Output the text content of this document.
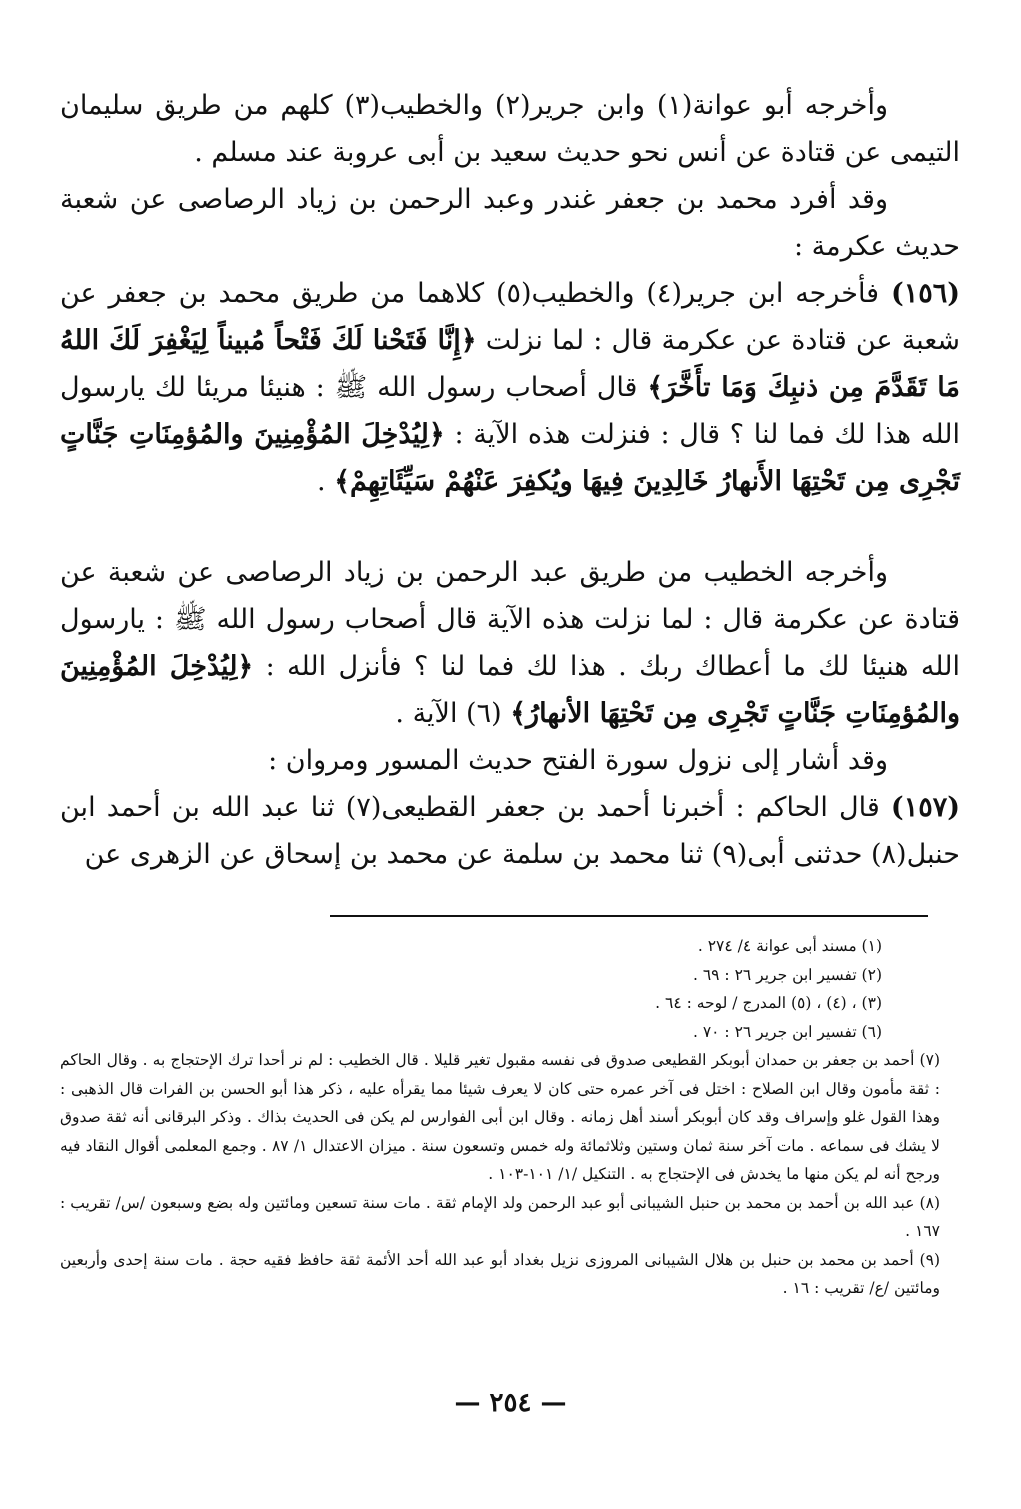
وأخرجه أبو عوانة(١) وابن جرير(٢) والخطيب(٣) كلهم من طريق سليمان التيمى عن قتادة عن أنس نحو حديث سعيد بن أبى عروبة عند مسلم .

وقد أفرد محمد بن جعفر غندر وعبد الرحمن بن زياد الرصاصى عن شعبة حديث عكرمة :

(١٥٦) فأخرجه ابن جرير(٤) والخطيب(٥) كلاهما من طريق محمد بن جعفر عن شعبة عن قتادة عن عكرمة قال : لما نزلت ﴿إِنَّا فَتَحْنا لَكَ فَتْحاً مُبيناً لِيَغْفِرَ لَكَ اللهُ مَا تَقَدَّمَ مِن ذنبِكَ وَمَا تأَخَّرَ﴾ قال أصحاب رسول الله ﷺ : هنيئا مريئا لك يارسول الله هذا لك فما لنا ؟ قال : فنزلت هذه الآية : ﴿لِيُدْخِلَ المُؤْمِنِينَ والمُؤمِنَاتِ جَنَّاتٍ تَجْرِى مِن تَحْتِهَا الأَنهارُ خَالِدِينَ فِيهَا ويُكفِرَ عَنْهُمْ سَيِّئَاتِهِمْ﴾ .

وأخرجه الخطيب من طريق عبد الرحمن بن زياد الرصاصى عن شعبة عن قتادة عن عكرمة قال : لما نزلت هذه الآية قال أصحاب رسول الله ﷺ : يارسول الله هنيئا لك ما أعطاك ربك . هذا لك فما لنا ؟ فأنزل الله : ﴿لِيُدْخِلَ المُؤْمِنِينَ والمُؤمِنَاتِ جَنَّاتٍ تَجْرِى مِن تَحْتِهَا الأنهارُ﴾ (٦) الآية .

وقد أشار إلى نزول سورة الفتح حديث المسور ومروان :

(١٥٧) قال الحاكم : أخبرنا أحمد بن جعفر القطيعى(٧) ثنا عبد الله بن أحمد ابن حنبل(٨) حدثنى أبى(٩) ثنا محمد بن سلمة عن محمد بن إسحاق عن الزهرى عن

(١) مسند أبى عوانة ٤/ ٢٧٤ .

(٢) تفسير ابن جرير ٢٦ : ٦٩ .

(٣) ، (٤) ، (٥) المدرج / لوحه : ٦٤ .

(٦) تفسير ابن جرير ٢٦ : ٧٠ .

(٧) أحمد بن جعفر بن حمدان أبوبكر القطيعى صدوق فى نفسه مقبول تغير قليلا . قال الخطيب : لم نر أحدا ترك الإحتجاج به . وقال الحاكم : ثقة مأمون وقال ابن الصلاح : اختل فى آخر عمره حتى كان لا يعرف شيئا مما يقرأه عليه ، ذكر هذا أبو الحسن بن الفرات قال الذهبى : وهذا القول غلو وإسراف وقد كان أبوبكر أسند أهل زمانه . وقال ابن أبى الفوارس لم يكن فى الحديث بذاك . وذكر البرقانى أنه ثقة صدوق لا يشك فى سماعه . مات آخر سنة ثمان وستين وثلاثمائة وله خمس وتسعون سنة . ميزان الاعتدال ١/ ٨٧ . وجمع المعلمى أقوال النقاد فيه ورجح أنه لم يكن منها ما يخدش فى الإحتجاج به . التنكيل /١/ ١٠١-١٠٣ .

(٨) عبد الله بن أحمد بن محمد بن حنبل الشيبانى أبو عبد الرحمن ولد الإمام ثقة . مات سنة تسعين ومائتين وله بضع وسبعون /س/ تقريب : ١٦٧ .

(٩) أحمد بن محمد بن حنبل بن هلال الشيبانى المروزى نزيل بغداد أبو عبد الله أحد الأئمة ثقة حافظ فقيه حجة . مات سنة إحدى وأربعين ومائتين /ع/ تقريب : ١٦ .

— ٢٥٤ —
